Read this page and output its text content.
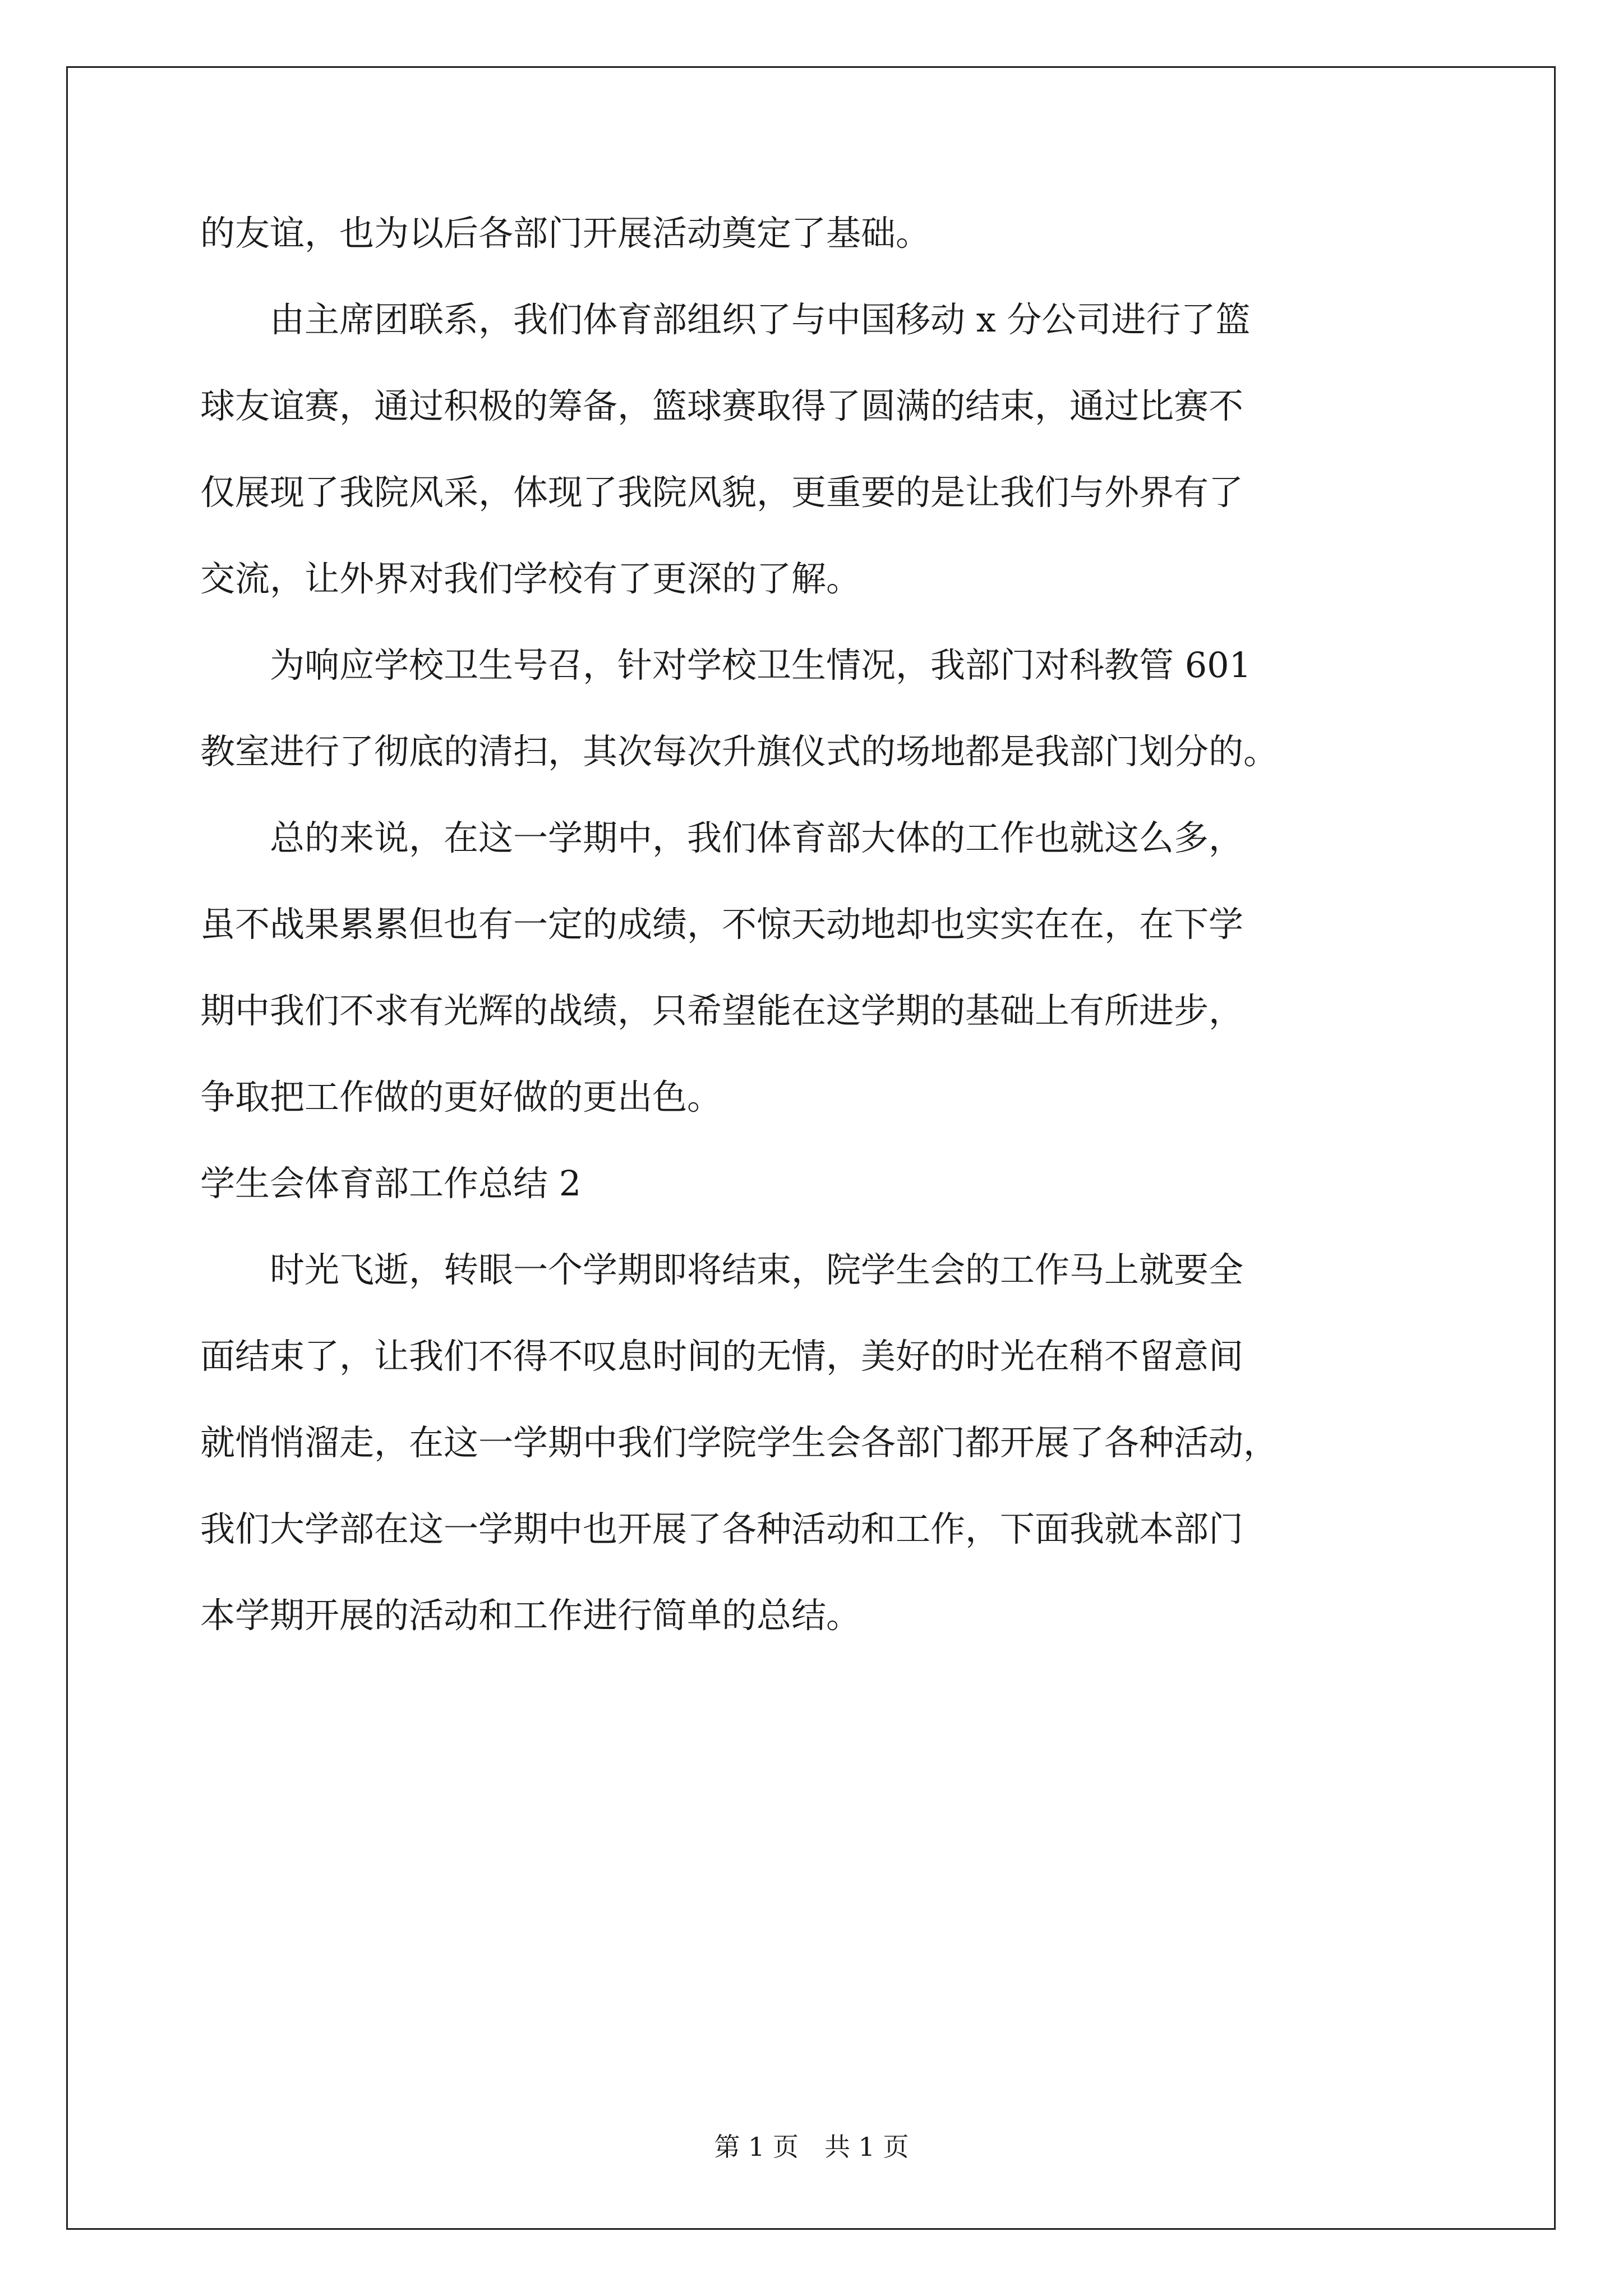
的友谊，也为以后各部门开展活动奠定了基础。
　　由主席团联系，我们体育部组织了与中国移动 x 分公司进行了篮
球友谊赛，通过积极的筹备，篮球赛取得了圆满的结束，通过比赛不
仅展现了我院风采，体现了我院风貌，更重要的是让我们与外界有了
交流，让外界对我们学校有了更深的了解。
　　为响应学校卫生号召，针对学校卫生情况，我部门对科教管 601
教室进行了彻底的清扫，其次每次升旗仪式的场地都是我部门划分的。
　　总的来说，在这一学期中，我们体育部大体的工作也就这么多，
虽不战果累累但也有一定的成绩，不惊天动地却也实实在在，在下学
期中我们不求有光辉的战绩，只希望能在这学期的基础上有所进步，
争取把工作做的更好做的更出色。
学生会体育部工作总结 2
　　时光飞逝，转眼一个学期即将结束，院学生会的工作马上就要全
面结束了，让我们不得不叹息时间的无情，美好的时光在稍不留意间
就悄悄溜走，在这一学期中我们学院学生会各部门都开展了各种活动，
我们大学部在这一学期中也开展了各种活动和工作，下面我就本部门
本学期开展的活动和工作进行简单的总结。
第 1 页　共 1 页
